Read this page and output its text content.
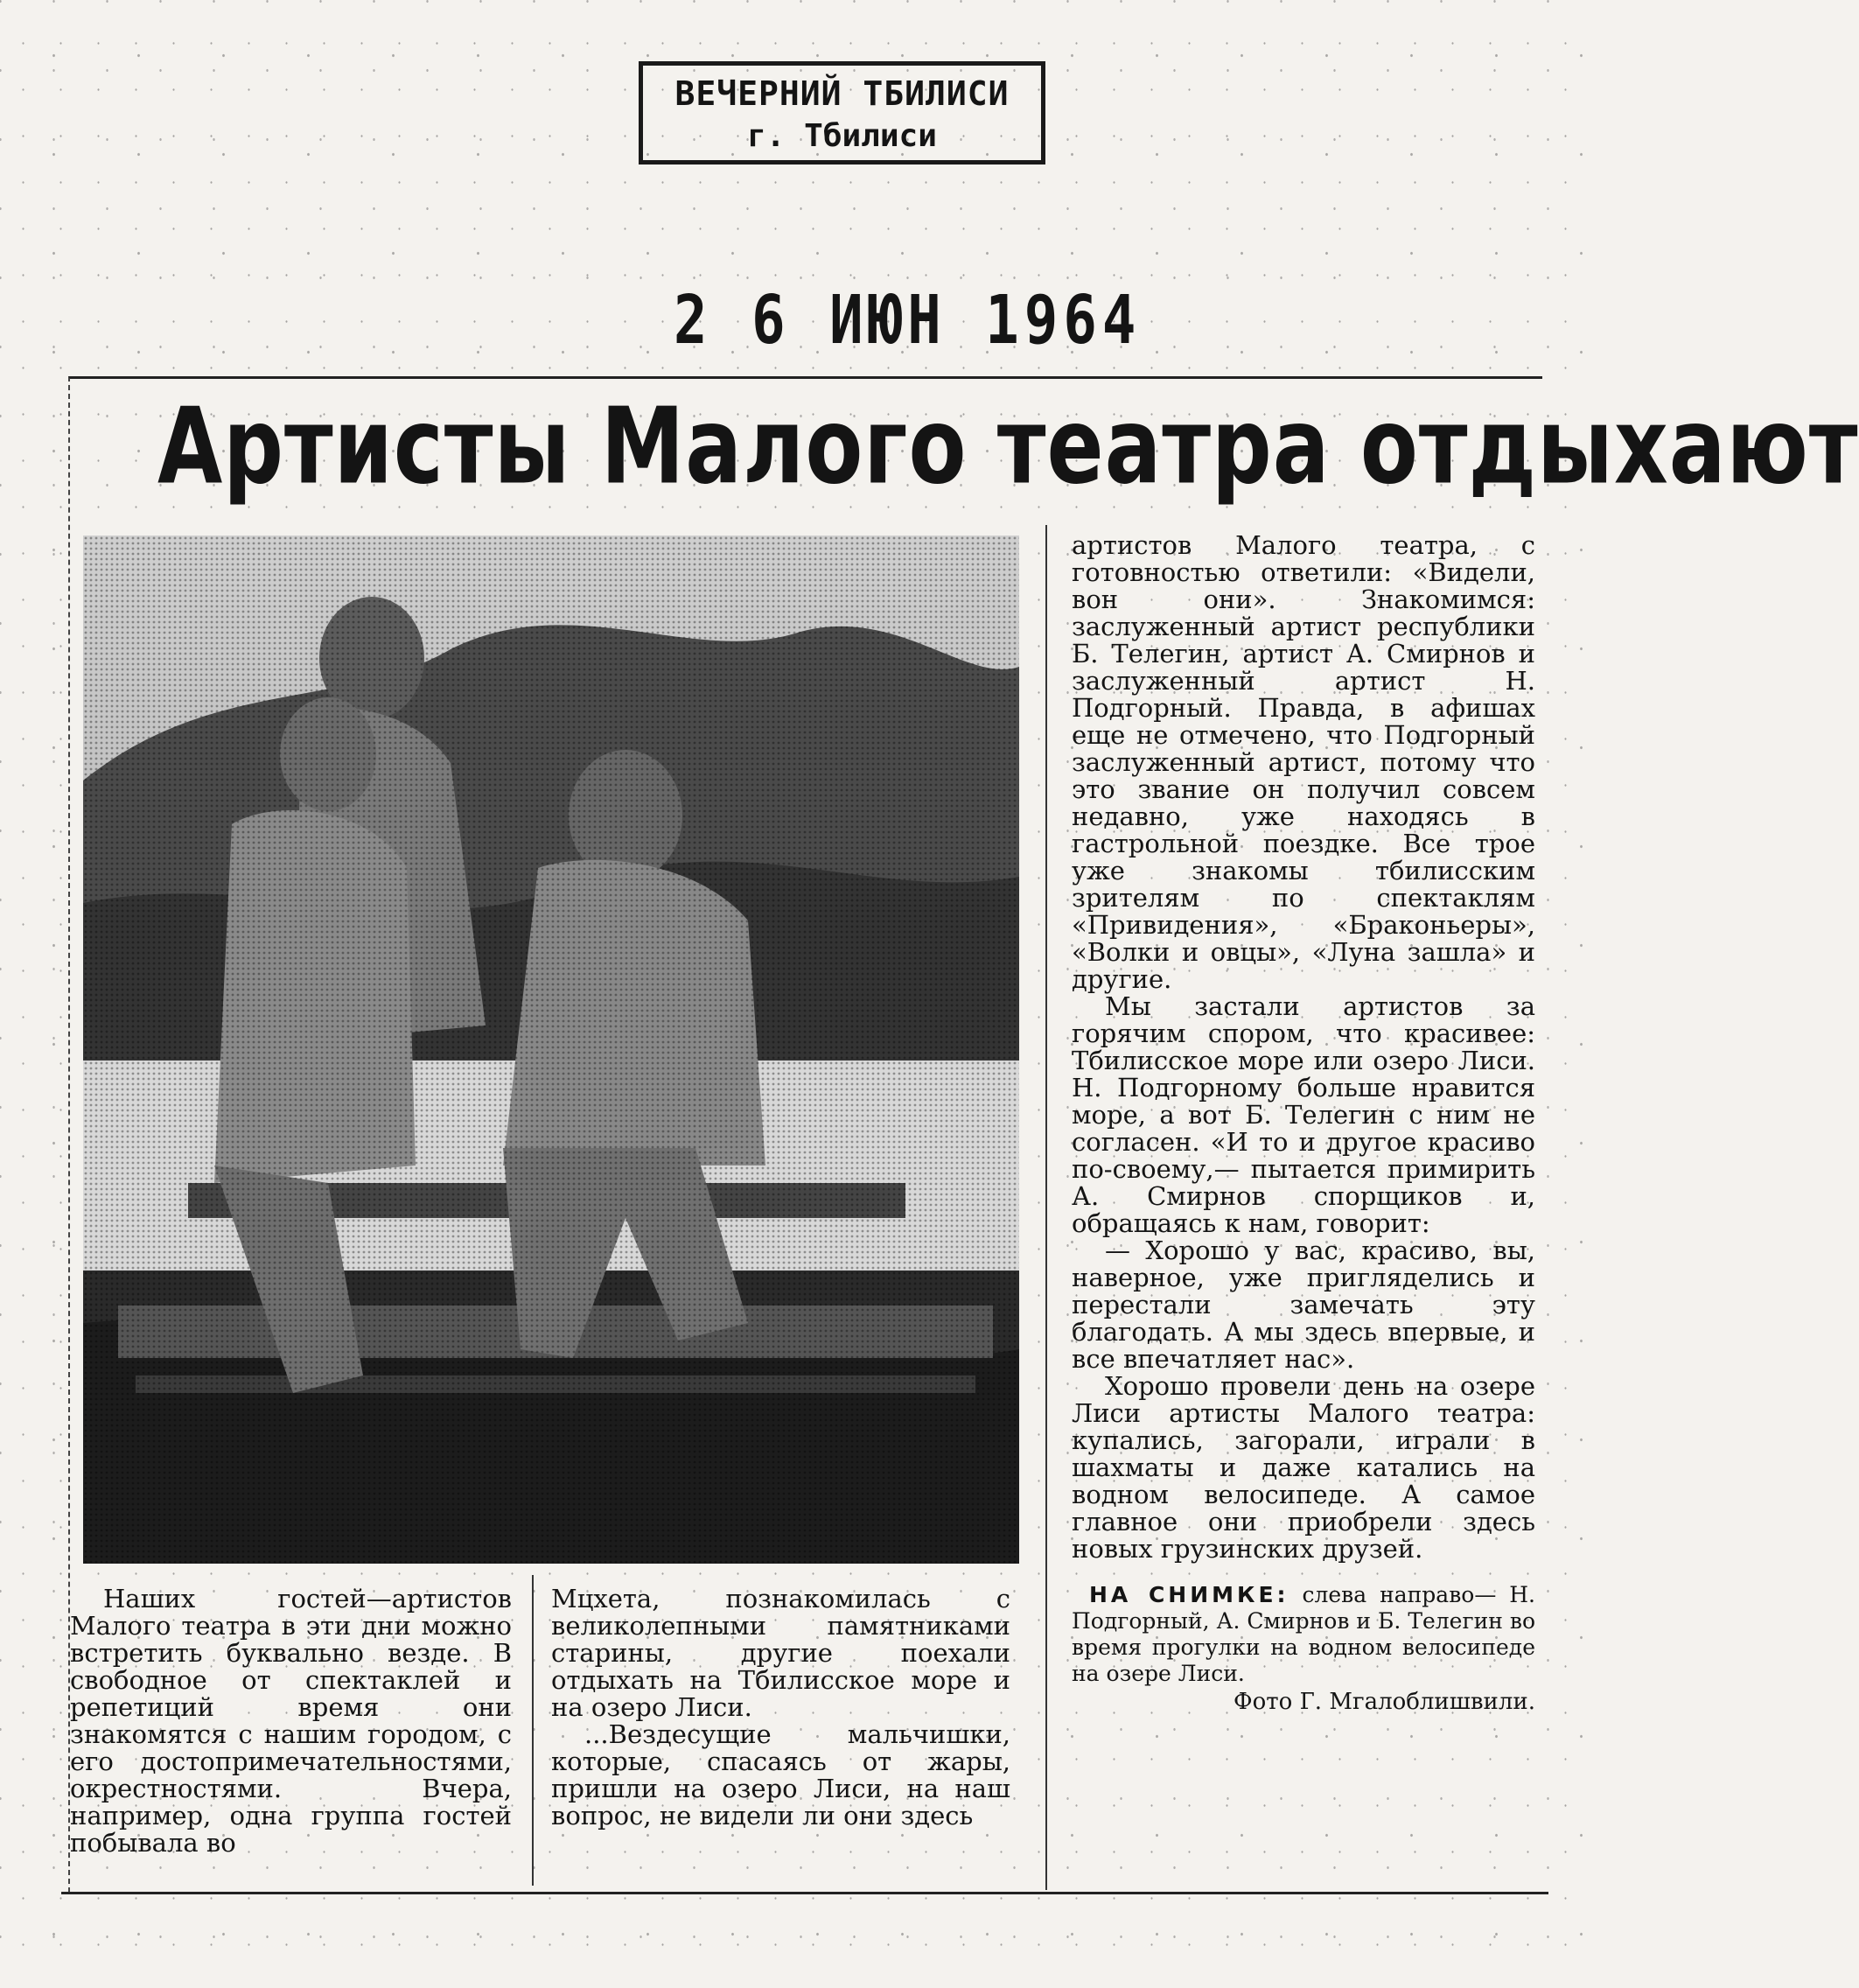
ВЕЧЕРНИЙ ТБИЛИСИ
г. Тбилиси
2 6 ИЮН 1964
Артисты Малого театра отдыхают

артистов Малого театра, с готовностью ответили: «Видели, вон они». Знакомимся: заслуженный артист республики Б. Телегин, артист А. Смирнов и заслуженный артист Н. Подгорный. Правда, в афишах еще не отмечено, что Подгорный заслуженный артист, потому что это звание он получил совсем недавно, уже находясь в гастрольной поездке. Все трое уже знакомы тбилисским зрителям по спектаклям «Привидения», «Браконьеры», «Волки и овцы», «Луна зашла» и другие.

Мы застали артистов за горячим спором, что красивее: Тбилисское море или озеро Лиси. Н. Подгорному больше нравится море, а вот Б. Телегин с ним не согласен. «И то и другое красиво по-своему,— пытается примирить А. Смирнов спорщиков и, обращаясь к нам, говорит:

— Хорошо у вас, красиво, вы, наверное, уже пригляделись и перестали замечать эту благодать. А мы здесь впервые, и все впечатляет нас».

Хорошо провели день на озере Лиси артисты Малого театра: купались, загорали, играли в шахматы и даже катались на водном велосипеде. А самое главное они приобрели здесь новых грузинских друзей.

НА СНИМКЕ: слева направо— Н. Подгорный, А. Смирнов и Б. Телегин во время прогулки на водном велосипеде на озере Лиси.
Фото Г. Мгалоблишвили.

Наших гостей—артистов Малого театра в эти дни можно встретить буквально везде. В свободное от спектаклей и репетиций время они знакомятся с нашим городом, с его достопримечательностями, окрестностями. Вчера, например, одна группа гостей побывала во

Мцхета, познакомилась с великолепными памятниками старины, другие поехали отдыхать на Тбилисское море и на озеро Лиси.

...Вездесущие мальчишки, которые, спасаясь от жары, пришли на озеро Лиси, на наш вопрос, не видели ли они здесь
